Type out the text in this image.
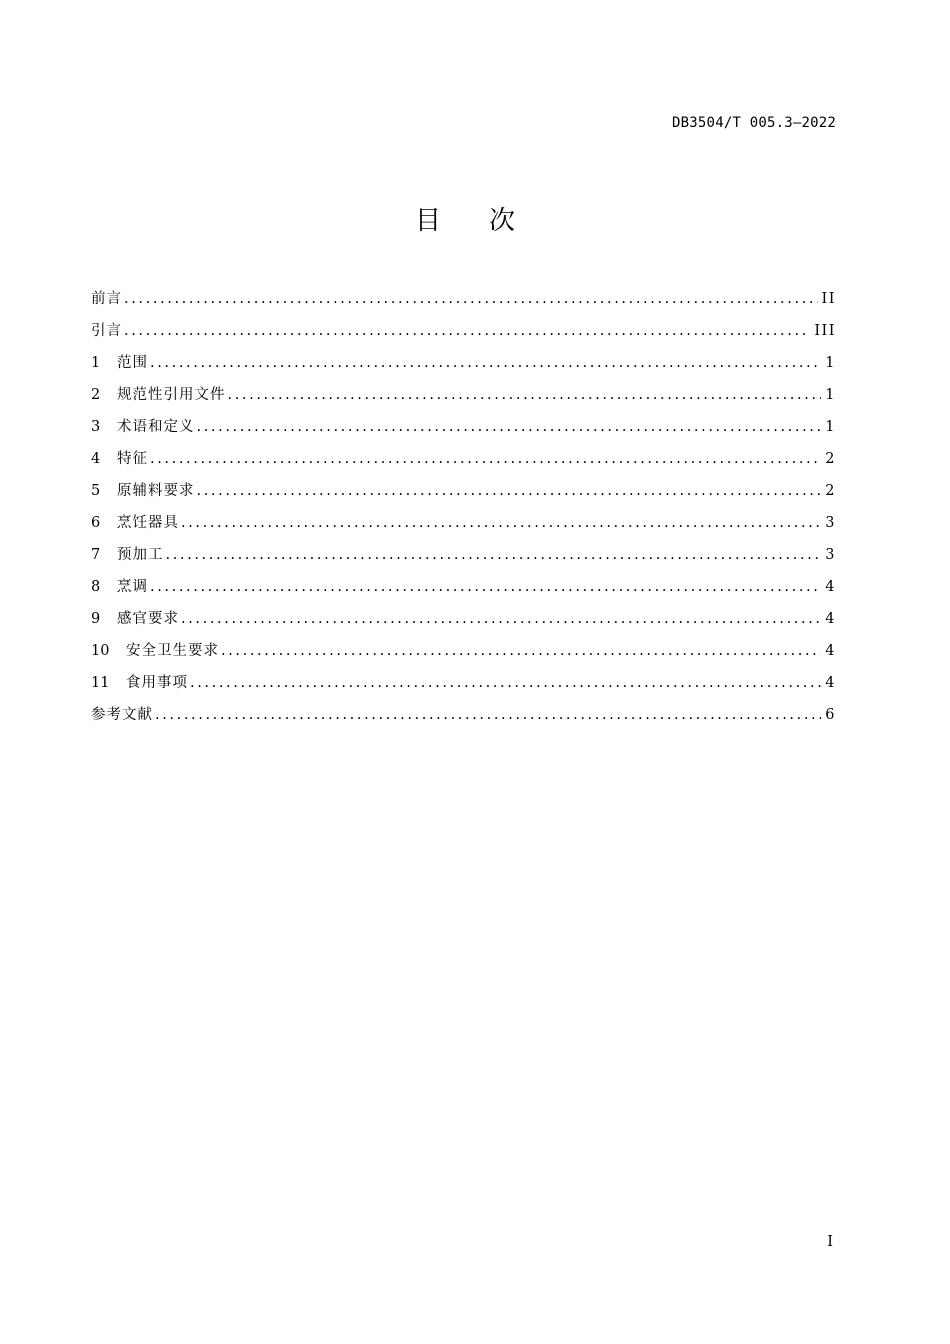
DB3504/T 005.3—2022
目次
前言 .....	II
引言 .....	III
1	范围 .....	1
2	规范性引用文件 .....	1
3	术语和定义 .....	1
4	特征 .....	2
5	原辅料要求 .....	2
6	烹饪器具 .....	3
7	预加工 .....	3
8	烹调 .....	4
9	感官要求 .....	4
10	安全卫生要求 .....	4
11	食用事项 .....	4
参考文献 .....	6
I
